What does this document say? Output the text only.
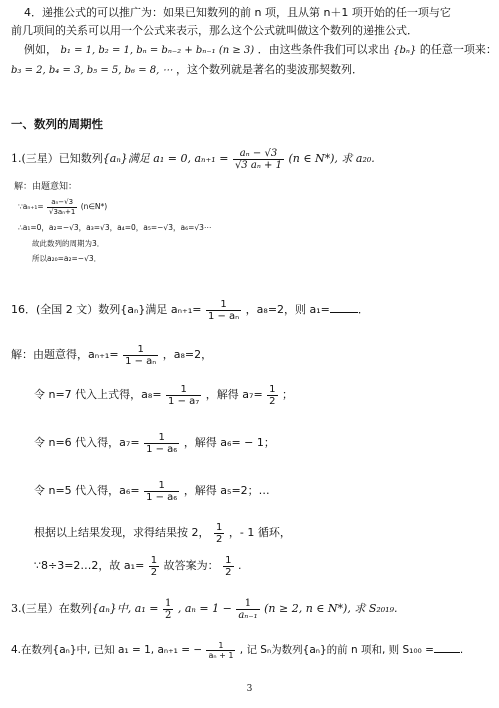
4．递推公式的可以推广为：如果已知数列的前 n 项，且从第 n＋1 项开始的任一项与它
前几项间的关系可以用一个公式来表示，那么这个公式就叫做这个数列的递推公式．
例如， b₁ = 1, b₂ = 1, bₙ = bₙ₋₂ + bₙ₋₁ (n ≥ 3) ．由这些条件我们可以求出 {bₙ} 的任意一项来：
b₃ = 2, b₄ = 3, b₅ = 5, b₆ = 8, ⋯ ，这个数列就是著名的斐波那契数列．
一、数列的周期性
1.(三星）已知数列{aₙ}满足 a₁ = 0, $a_{n+1} = \frac{\text{aₙ − √3}}{\text{√3 aₙ + 1}} (n$ ∈ N*), 求 a₂₀.
解：由题意知：
∵aₙ₊₁= $\frac{\text{aₙ−√3}}{\text{√3aₙ+1}}$ (n∈N*)
∴a₁=0，a₂=−√3，a₃=√3，a₄=0，a₅=−√3，a₆=√3⋯
故此数列的周期为3．
所以a₂₀=a₂=−√3．
16．(全国 2 文）数列{aₙ}满足 $a_{n+1}= \frac{1}{\text{1 − aₙ}}$ ，a₈=2，则 a₁=	．
解：由题意得，$a_{n+1}= \frac{1}{\text{1 − aₙ}}$ ，a₈=2，
令 n=7 代入上式得，$a_8= \frac{1}{\text{1 − a₇}}$ ，解得 $a_7= \frac{1}{2}$ ；
令 n=6 代入得，$a_7= \frac{1}{\text{1 − a₆}}$ ，解得 a₆= − 1；
令 n=5 代入得，$a_6= \frac{1}{\text{1 − a₆}}$ ，解得 a₅=2；…
根据以上结果发现，求得结果按 2， $\frac{1}{2}$ ，- 1 循环，
∵8÷3=2…2，故 $a_1= \frac{1}{2}$ 故答案为： $\frac{1}{2}$ .
3.(三星）在数列{aₙ}中, $a_1 = \frac{1}{2}$ , $a_n = 1 - \frac{1}{\text{aₙ₋₁}} (n \ge 2$, n ∈ N*), 求 S₂₀₁₉.
4.在数列{aₙ}中, 已知 a₁ = 1, aₙ₊₁ = − $\frac{1}{\text{aₙ + 1}}$ , 记 Sₙ为数列{aₙ}的前 n 项和, 则 S₁₀₀ = .
3
